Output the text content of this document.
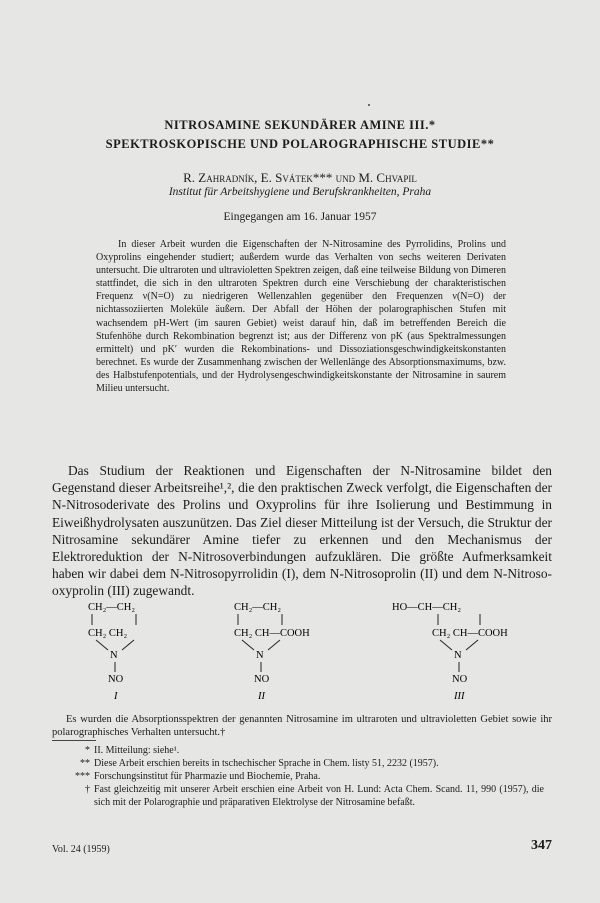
NITROSAMINE SEKUNDÄRER AMINE III.*
SPEKTROSKOPISCHE UND POLAROGRAPHISCHE STUDIE**
R. Zahradník, E. Svátek*** und M. Chvapil
Institut für Arbeitshygiene und Berufskrankheiten, Praha
Eingegangen am 16. Januar 1957

In dieser Arbeit wurden die Eigenschaften der N-Nitrosamine des Pyrrolidins, Prolins und Oxyprolins eingehender studiert; außerdem wurde das Verhalten von sechs weiteren Derivaten untersucht. Die ultraroten und ultravioletten Spektren zeigen, daß eine teilweise Bildung von Dimeren stattfindet, die sich in den ultraroten Spektren durch eine Verschiebung der charakteristischen Frequenz ν(N=O) zu niedrigeren Wellenzahlen gegenüber den Frequenzen ν(N=O) der nichtassoziierten Moleküle äußern. Der Abfall der Höhen der polarographischen Stufen mit wachsendem pH-Wert (im sauren Gebiet) weist darauf hin, daß im betreffenden Bereich die Stufenhöhe durch Rekombination begrenzt ist; aus der Differenz von pK (aus Spektralmessungen ermittelt) und pK′ wurden die Rekombinations- und Dissoziationsgeschwindigkeitskonstanten berechnet. Es wurde der Zusammenhang zwischen der Wellenlänge des Absorptionsmaximums, bzw. des Halbstufenpotentials, und der Hydrolysengeschwindigkeitskonstante der Nitrosamine in saurem Milieu untersucht.

Das Studium der Reaktionen und Eigenschaften der N-Nitrosamine bildet den Gegenstand dieser Arbeitsreihe¹,², die den praktischen Zweck verfolgt, die Eigenschaften der N-Nitrosoderivate des Prolins und Oxyprolins für ihre Isolierung und Bestimmung in Eiweißhydrolysaten auszunützen. Das Ziel dieser Mitteilung ist der Versuch, die Struktur der Nitrosamine sekundärer Amine tiefer zu erkennen und den Mechanismus der Elektroreduktion der N-Nitrosoverbindungen aufzuklären. Die größte Aufmerksamkeit haben wir dabei dem N-Nitrosopyrrolidin (I), dem N-Nitrosoprolin (II) und dem N-Nitroso-oxyprolin (III) zugewandt.

CH₂—CH₂
CH₂ CH₂
N
NO
I
CH₂—CH₂
CH₂ CH—COOH
N
NO
II
HO—CH—CH₂
CH₂ CH—COOH
N
NO
III

Es wurden die Absorptionsspektren der genannten Nitrosamine im ultraroten und ultravioletten Gebiet sowie ihr polarographisches Verhalten untersucht.†

* II. Mitteilung: siehe¹.
** Diese Arbeit erschien bereits in tschechischer Sprache in Chem. listy 51, 2232 (1957).
*** Forschungsinstitut für Pharmazie und Biochemie, Praha.
† Fast gleichzeitig mit unserer Arbeit erschien eine Arbeit von H. Lund: Acta Chem. Scand. 11, 990 (1957), die sich mit der Polarographie und präparativen Elektrolyse der Nitrosamine befaßt.
Vol. 24 (1959)	347
